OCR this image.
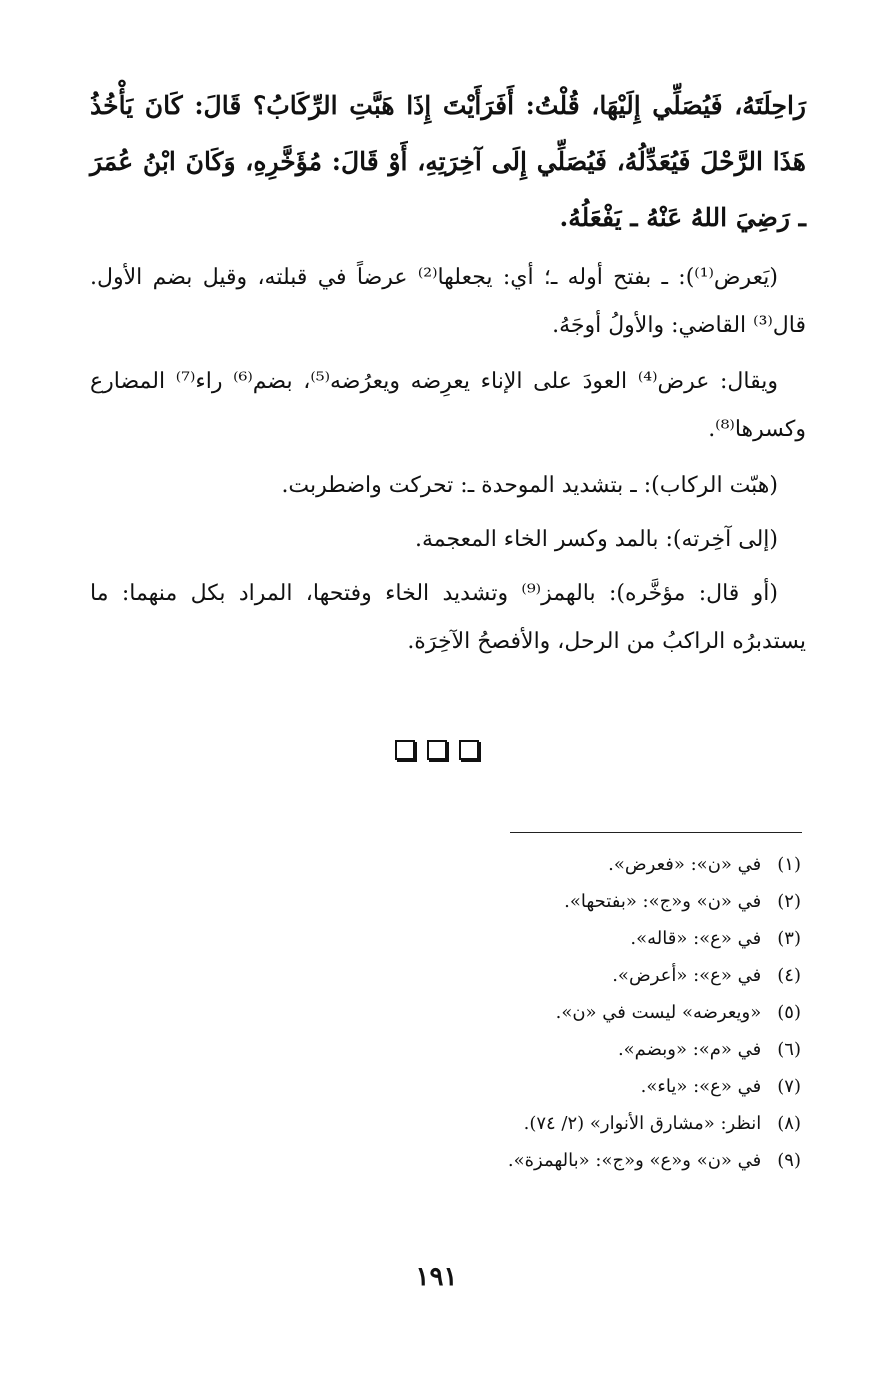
رَاحِلَتَهُ، فَيُصَلِّي إِلَيْهَا، قُلْتُ: أَفَرَأَيْتَ إِذَا هَبَّتِ الرِّكَابُ؟ قَالَ: كَانَ يَأْخُذُ هَذَا الرَّحْلَ فَيُعَدِّلُهُ، فَيُصَلِّي إِلَى آخِرَتِهِ، أَوْ قَالَ: مُؤَخَّرِهِ، وَكَانَ ابْنُ عُمَرَ ـ رَضِيَ اللهُ عَنْهُ ـ يَفْعَلُهُ.

(يَعرض⁽¹⁾): ـ بفتح أوله ـ؛ أي: يجعلها⁽²⁾ عرضاً في قبلته، وقيل بضم الأول. قال⁽³⁾ القاضي: والأولُ أوجَهُ.

ويقال: عرض⁽⁴⁾ العودَ على الإناء يعرِضه ويعرُضه⁽⁵⁾، بضم⁽⁶⁾ راء⁽⁷⁾ المضارع وكسرها⁽⁸⁾.

(هبّت الركاب): ـ بتشديد الموحدة ـ: تحركت واضطربت.

(إلى آخِرته): بالمد وكسر الخاء المعجمة.

(أو قال: مؤخَّره): بالهمز⁽⁹⁾ وتشديد الخاء وفتحها، المراد بكل منهما: ما يستدبرُه الراكبُ من الرحل، والأفصحُ الآخِرَة.

(١) في «ن»: «فعرض».
(٢) في «ن» و«ج»: «بفتحها».
(٣) في «ع»: «قاله».
(٤) في «ع»: «أعرض».
(٥) «ويعرضه» ليست في «ن».
(٦) في «م»: «وبضم».
(٧) في «ع»: «ياء».
(٨) انظر: «مشارق الأنوار» (٢/ ٧٤).
(٩) في «ن» و«ع» و«ج»: «بالهمزة».
١٩١
